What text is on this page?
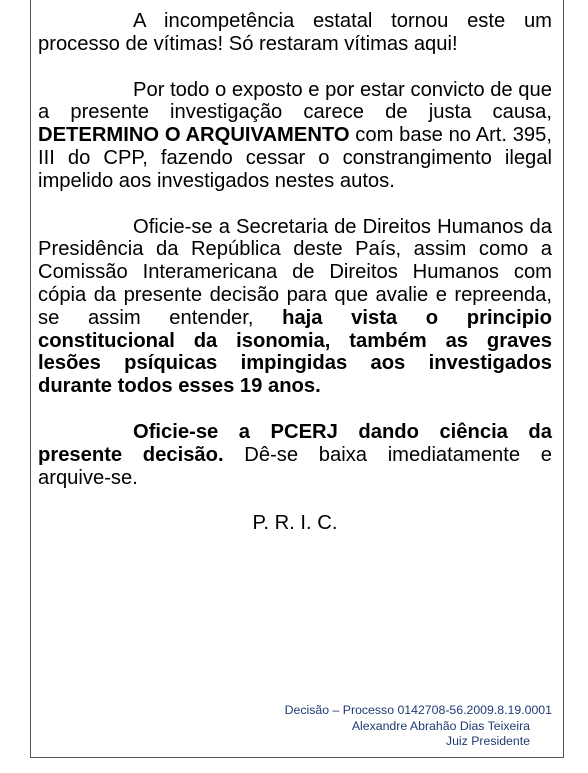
A incompetência estatal tornou este um processo de vítimas! Só restaram vítimas aqui!

Por todo o exposto e por estar convicto de que a presente investigação carece de justa causa, DETERMINO O ARQUIVAMENTO com base no Art. 395, III do CPP, fazendo cessar o constrangimento ilegal impelido aos investigados nestes autos.

Oficie-se a Secretaria de Direitos Humanos da Presidência da República deste País, assim como a Comissão Interamericana de Direitos Humanos com cópia da presente decisão para que avalie e repreenda, se assim entender, haja vista o principio constitucional da isonomia, também as graves lesões psíquicas impingidas aos investigados durante todos esses 19 anos.

Oficie-se a PCERJ dando ciência da presente decisão. Dê-se baixa imediatamente e arquive-se.

P. R. I. C.

Decisão – Processo 0142708-56.2009.8.19.0001
Alexandre Abrahão Dias Teixeira
Juiz Presidente
